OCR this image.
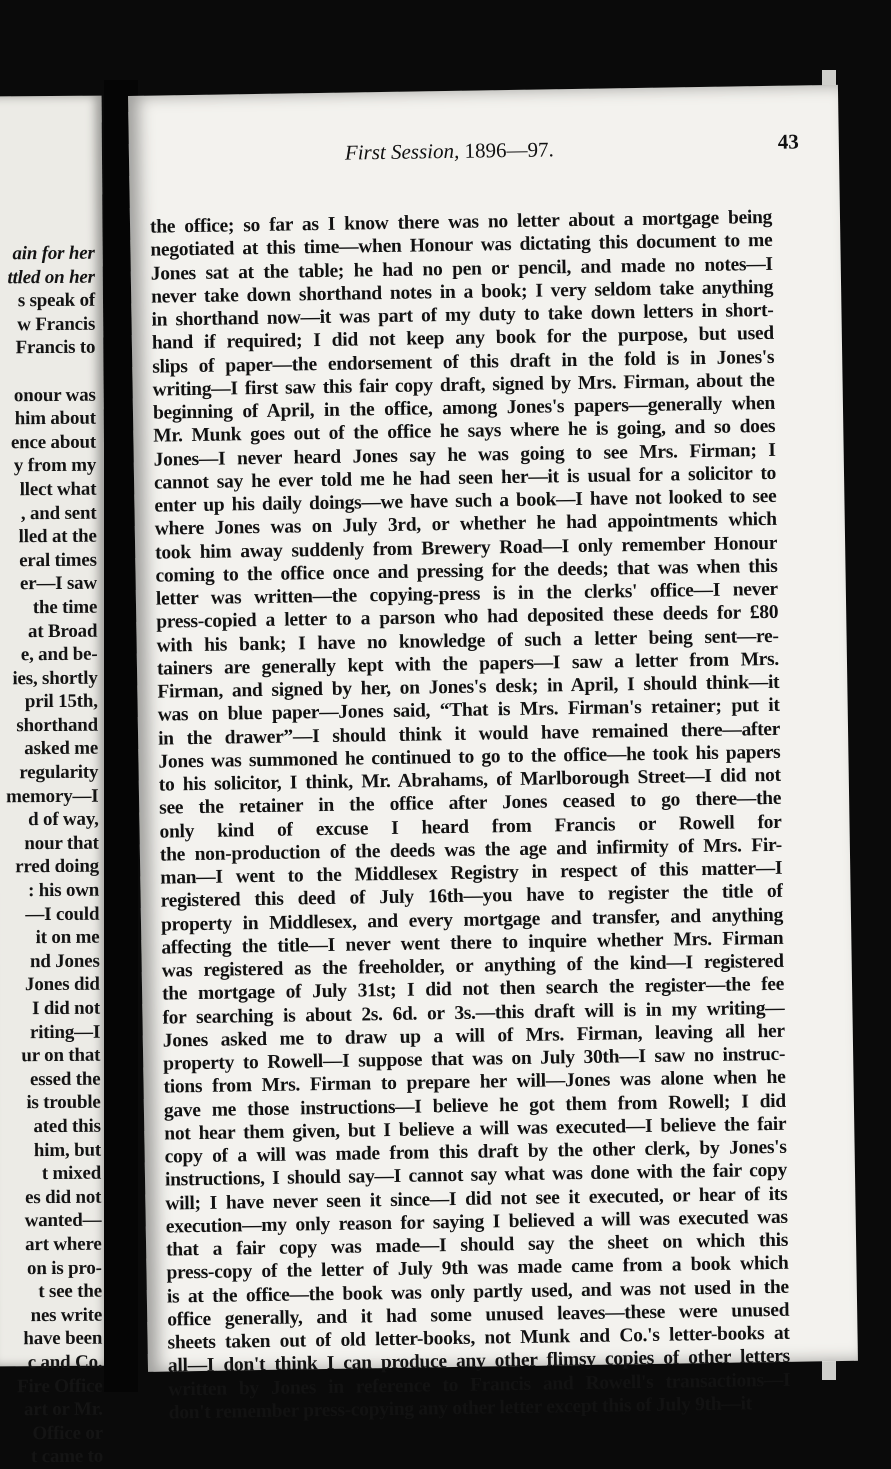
ain for her
ttled on her
s speak of
w Francis
Francis to

onour was
him about
ence about
y from my
llect what
, and sent
lled at the
eral times
er—I saw
the time
at Broad
e, and be-
ies, shortly
pril 15th,
shorthand
asked me
regularity
memory—I
d of way,
nour that
rred doing
: his own
—I could
it on me
nd Jones
Jones did
I did not
riting—I
ur on that
essed the
is trouble
ated this
him, but
t mixed
es did not
wanted—
art where
on is pro-
t see the
nes write
have been
c and Co.
Fire Office
art or Mr.
Office or
t came to
First Session, 1896—97.	43
the office; so far as I know there was no letter about a mortgage being
negotiated at this time—when Honour was dictating this document to me
Jones sat at the table; he had no pen or pencil, and made no notes—I
never take down shorthand notes in a book; I very seldom take anything
in shorthand now—it was part of my duty to take down letters in short-
hand if required; I did not keep any book for the purpose, but used
slips of paper—the endorsement of this draft in the fold is in Jones's
writing—I first saw this fair copy draft, signed by Mrs. Firman, about the
beginning of April, in the office, among Jones's papers—generally when
Mr. Munk goes out of the office he says where he is going, and so does
Jones—I never heard Jones say he was going to see Mrs. Firman; I
cannot say he ever told me he had seen her—it is usual for a solicitor to
enter up his daily doings—we have such a book—I have not looked to see
where Jones was on July 3rd, or whether he had appointments which
took him away suddenly from Brewery Road—I only remember Honour
coming to the office once and pressing for the deeds; that was when this
letter was written—the copying-press is in the clerks' office—I never
press-copied a letter to a parson who had deposited these deeds for £80
with his bank; I have no knowledge of such a letter being sent—re-
tainers are generally kept with the papers—I saw a letter from Mrs.
Firman, and signed by her, on Jones's desk; in April, I should think—it
was on blue paper—Jones said, “That is Mrs. Firman's retainer; put it
in the drawer”—I should think it would have remained there—after
Jones was summoned he continued to go to the office—he took his papers
to his solicitor, I think, Mr. Abrahams, of Marlborough Street—I did not
see the retainer in the office after Jones ceased to go there—the
only kind of excuse I heard from Francis or Rowell for
the non-production of the deeds was the age and infirmity of Mrs. Fir-
man—I went to the Middlesex Registry in respect of this matter—I
registered this deed of July 16th—you have to register the title of
property in Middlesex, and every mortgage and transfer, and anything
affecting the title—I never went there to inquire whether Mrs. Firman
was registered as the freeholder, or anything of the kind—I registered
the mortgage of July 31st; I did not then search the register—the fee
for searching is about 2s. 6d. or 3s.—this draft will is in my writing—
Jones asked me to draw up a will of Mrs. Firman, leaving all her
property to Rowell—I suppose that was on July 30th—I saw no instruc-
tions from Mrs. Firman to prepare her will—Jones was alone when he
gave me those instructions—I believe he got them from Rowell; I did
not hear them given, but I believe a will was executed—I believe the fair
copy of a will was made from this draft by the other clerk, by Jones's
instructions, I should say—I cannot say what was done with the fair copy
will; I have never seen it since—I did not see it executed, or hear of its
execution—my only reason for saying I believed a will was executed was
that a fair copy was made—I should say the sheet on which this
press-copy of the letter of July 9th was made came from a book which
is at the office—the book was only partly used, and was not used in the
office generally, and it had some unused leaves—these were unused
sheets taken out of old letter-books, not Munk and Co.'s letter-books at
all—I don't think I can produce any other flimsy copies of other letters
written by Jones in reference to Francis and Rowell's transactions—I
don't remember press-copying any other letter except this of July 9th—it
